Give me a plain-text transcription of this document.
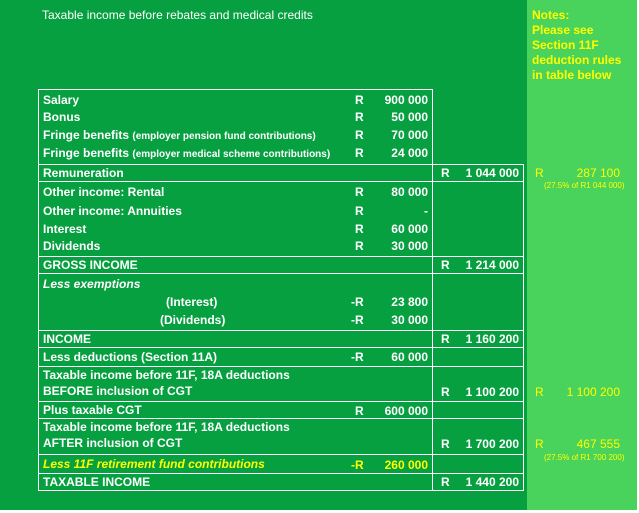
Taxable income before rebates and medical credits	Notes:
Please see
Section 11F
deduction rules
in table below
Salary	R	900 000
Bonus	R	50 000
Fringe benefits (employer pension fund contributions)	R	70 000
Fringe benefits (employer medical scheme contributions) R	24 000
Remuneration	R	1 044 000
Other income: Rental	R	80 000
Other income: Annuities	R	-
Interest	R	60 000
Dividends	R	30 000
GROSS INCOME	R	1 214 000
Less exemptions
(Interest)	-R	23 800
(Dividends)	-R	30 000
INCOME	R	1 160 200
Less deductions (Section 11A)	-R	60 000
Taxable income before 11F, 18A deductions
BEFORE inclusion of CGT	R	1 100 200
Plus taxable CGT	R	600 000
Taxable income before 11F, 18A deductions
AFTER inclusion of CGT	R	1 700 200
Less 11F retirement fund contributions	-R	260 000
TAXABLE INCOME	R	1 440 200
R	287 100
(27.5% of R1 044 000)
R	1 100 200
R	467 555
(27.5% of R1 700 200)
